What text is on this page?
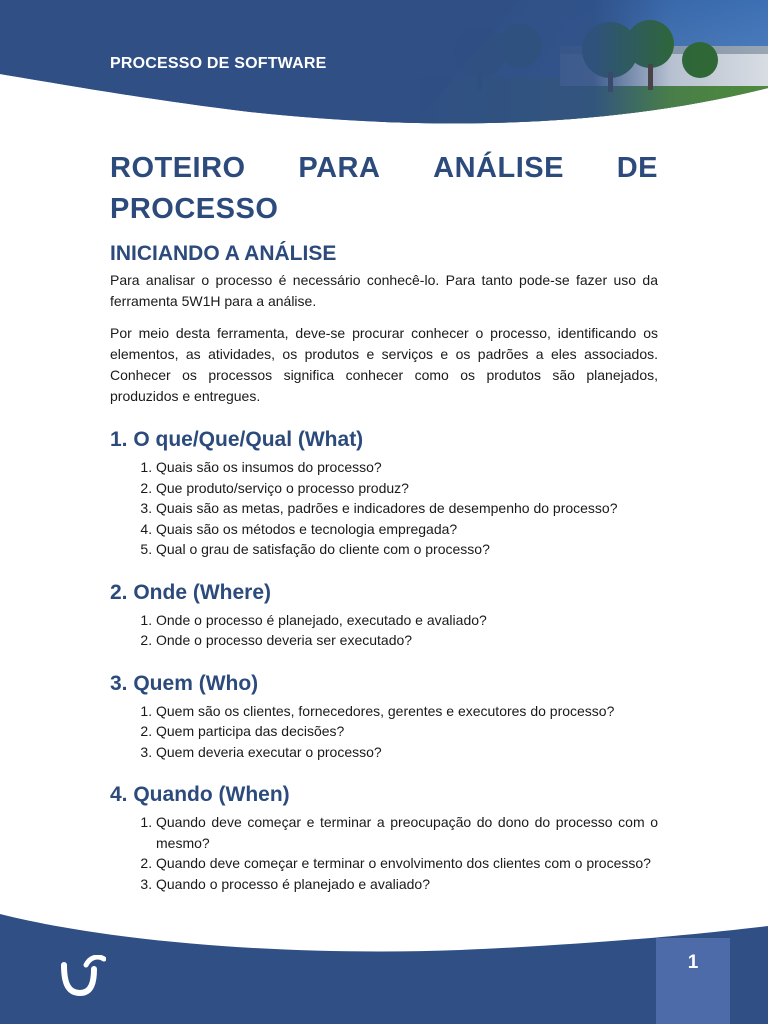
PROCESSO DE SOFTWARE
ROTEIRO PARA ANÁLISE DE
PROCESSO
INICIANDO A ANÁLISE

Para analisar o processo é necessário conhecê-lo. Para tanto pode-se fazer uso da ferramenta 5W1H para a análise.

Por meio desta ferramenta, deve-se procurar conhecer o processo, identificando os elementos, as atividades, os produtos e serviços e os padrões a eles associados. Conhecer os processos significa conhecer como os produtos são planejados, produzidos e entregues.

1. O que/Que/Qual (What)
1. Quais são os insumos do processo?
2. Que produto/serviço o processo produz?
3. Quais são as metas, padrões e indicadores de desempenho do processo?
4. Quais são os métodos e tecnologia empregada?
5. Qual o grau de satisfação do cliente com o processo?
2. Onde (Where)
1. Onde o processo é planejado, executado e avaliado?
2. Onde o processo deveria ser executado?
3. Quem (Who)
1. Quem são os clientes, fornecedores, gerentes e executores do processo?
2. Quem participa das decisões?
3. Quem deveria executar o processo?
4. Quando (When)
1. Quando deve começar e terminar a preocupação do dono do processo com o mesmo?
2. Quando deve começar e terminar o envolvimento dos clientes com o processo?
3. Quando o processo é planejado e avaliado?
1
